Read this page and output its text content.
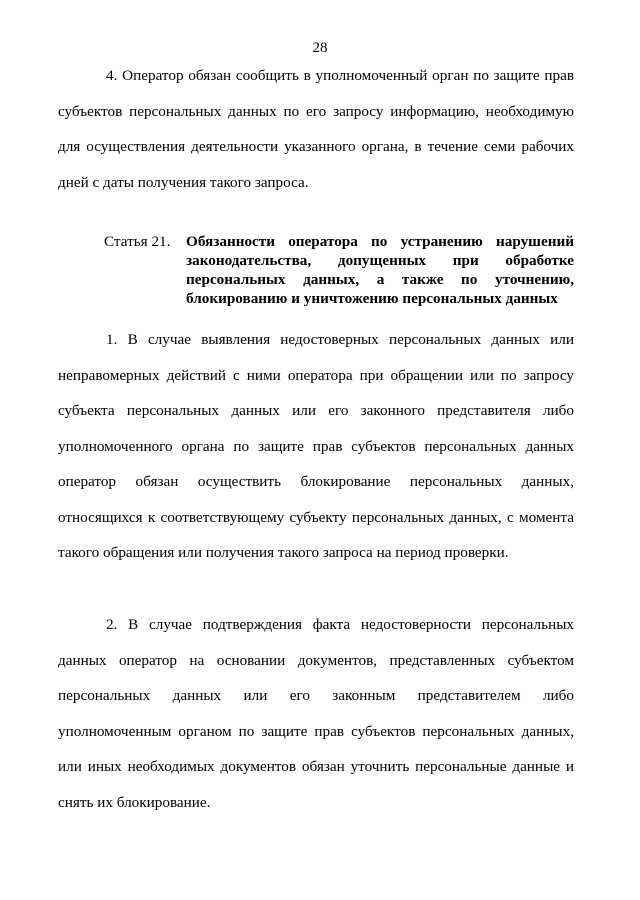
28

4. Оператор обязан сообщить в уполномоченный орган по защите прав субъектов персональных данных по его запросу информацию, необходимую для осуществления деятельности указанного органа, в течение семи рабочих дней с даты получения такого запроса.

Статья 21. Обязанности оператора по устранению нарушений
законодательства, допущенных при обработке
персональных данных, а также по уточнению,
блокированию и уничтожению персональных данных

1. В случае выявления недостоверных персональных данных или неправомерных действий с ними оператора при обращении или по запросу субъекта персональных данных или его законного представителя либо уполномоченного органа по защите прав субъектов персональных данных оператор обязан осуществить блокирование персональных данных, относящихся к соответствующему субъекту персональных данных, с момента такого обращения или получения такого запроса на период проверки.

2. В случае подтверждения факта недостоверности персональных данных оператор на основании документов, представленных субъектом персональных данных или его законным представителем либо уполномоченным органом по защите прав субъектов персональных данных, или иных необходимых документов обязан уточнить персональные данные и снять их блокирование.
